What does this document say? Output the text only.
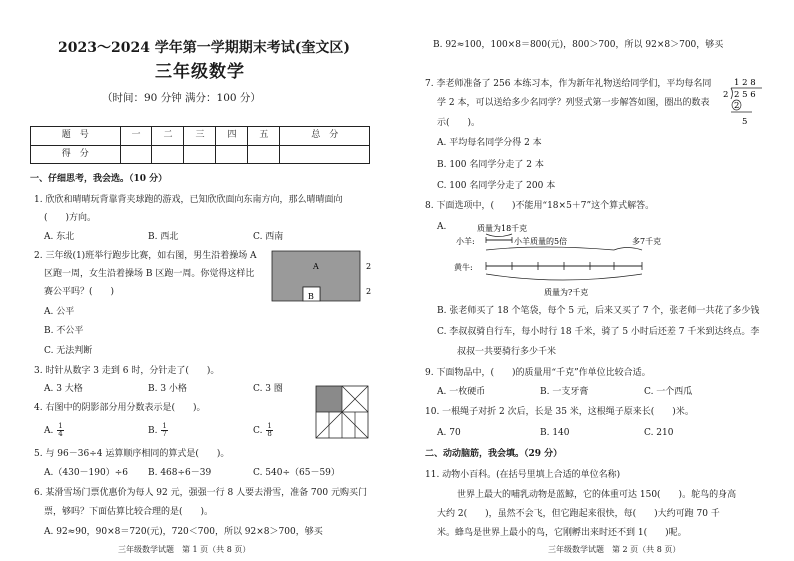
2023～2024 学年第一学期期末考试(奎文区)
三年级数学
（时间：90 分钟 满分：100 分）
题　号	一	二	三	四	五	总　分
得　分						
一、仔细思考，我会选。（10 分）
1. 欣欣和晴晴玩背靠背夹球跑的游戏，已知欣欣面向东南方向，那么晴晴面向
(　　)方向。
A. 东北	B. 西北	C. 西南
2. 三年级(1)班举行跑步比赛，如右图，男生沿着操场 A
区跑一周，女生沿着操场 B 区跑一周。你觉得这样比
赛公平吗？(　　)
A. 公平
B. 不公平
C. 无法判断
A
B
2
2
3. 时针从数字 3 走到 6 时，分针走了(　　)。
A. 3 大格	B. 3 小格	C. 3 圈
4. 右图中的阴影部分用分数表示是(　　)。
A. $\frac{1}{4}$	B. $\frac{1}{7}$	C. $\frac{1}{8}$
5. 与 96－36÷4 运算顺序相同的算式是(　　)。
A.（430－190）÷6 B. 468÷6－39	C. 540÷（65－59）
6. 某滑雪场门票优惠价为每人 92 元，强强一行 8 人要去滑雪，准备 700 元购买门
票，够吗？下面估算比较合理的是(　　)。
A. 92≈90，90×8＝720(元)，720＜700，所以 92×8＞700，够买
三年级数学试题　第 1 页（共 8 页）
B. 92≈100，100×8＝800(元)，800＞700，所以 92×8＞700，够买
7. 李老师准备了 256 本练习本，作为新年礼物送给同学们，平均每名同
学 2 本，可以送给多少名同学？列竖式第一步解答如图，圈出的数表
示(　　)。
1 2 8
2 2 5 6
2
5
A. 平均每名同学分得 2 本
B. 100 名同学分走了 2 本
C. 100 名同学分走了 200 本
8. 下面选项中，(　　)不能用“18×5＋7”这个算式解答。
A.	质量为18千克
小羊:	小羊质量的5倍	多7千克
黄牛:
质量为?千克
B. 张老师买了 18 个笔袋，每个 5 元，后来又买了 7 个，张老师一共花了多少钱
C. 李叔叔骑自行车，每小时行 18 千米，骑了 5 小时后还差 7 千米到达终点。李
叔叔一共要骑行多少千米
9. 下面物品中，(　　)的质量用“千克”作单位比较合适。
A. 一枚硬币	B. 一支牙膏	C. 一个西瓜
10. 一根绳子对折 2 次后，长是 35 米，这根绳子原来长(　　)米。
A. 70	B. 140	C. 210
二、动动脑筋，我会填。（29 分）
11. 动物小百科。(在括号里填上合适的单位名称)
世界上最大的哺乳动物是蓝鲸，它的体重可达 150(　　)。鸵鸟的身高
大约 2(　　)，虽然不会飞，但它跑起来很快，每(　　)大约可跑 70 千
米。蜂鸟是世界上最小的鸟，它刚孵出来时还不到 1(　　)呢。
三年级数学试题　第 2 页（共 8 页）
